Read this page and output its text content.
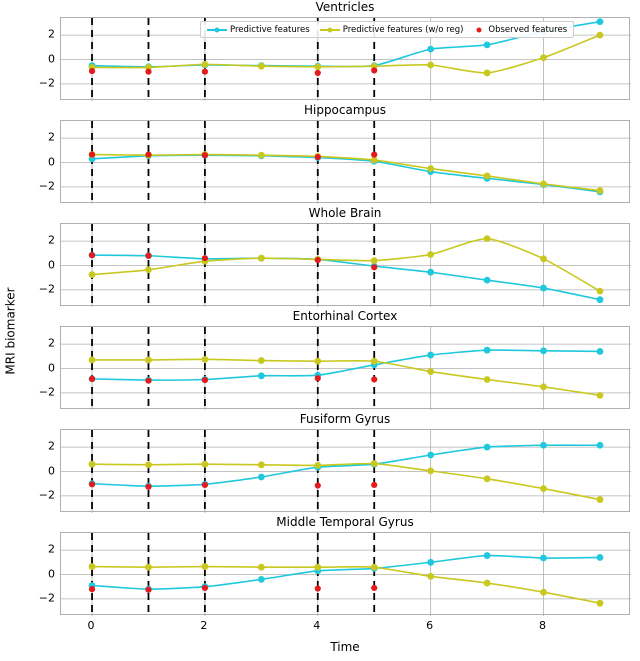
MRI biomarker
Time
Ventricles
−2
0
2	Predictive features	Predictive features (w/o reg)	Observed features
Hippocampus
−2
0
2
Whole Brain
−2
0
2
Entorhinal Cortex
−2
0
2
Fusiform Gyrus
−2
0
2
Middle Temporal Gyrus
−2
0
2
0	2	4	6	8
